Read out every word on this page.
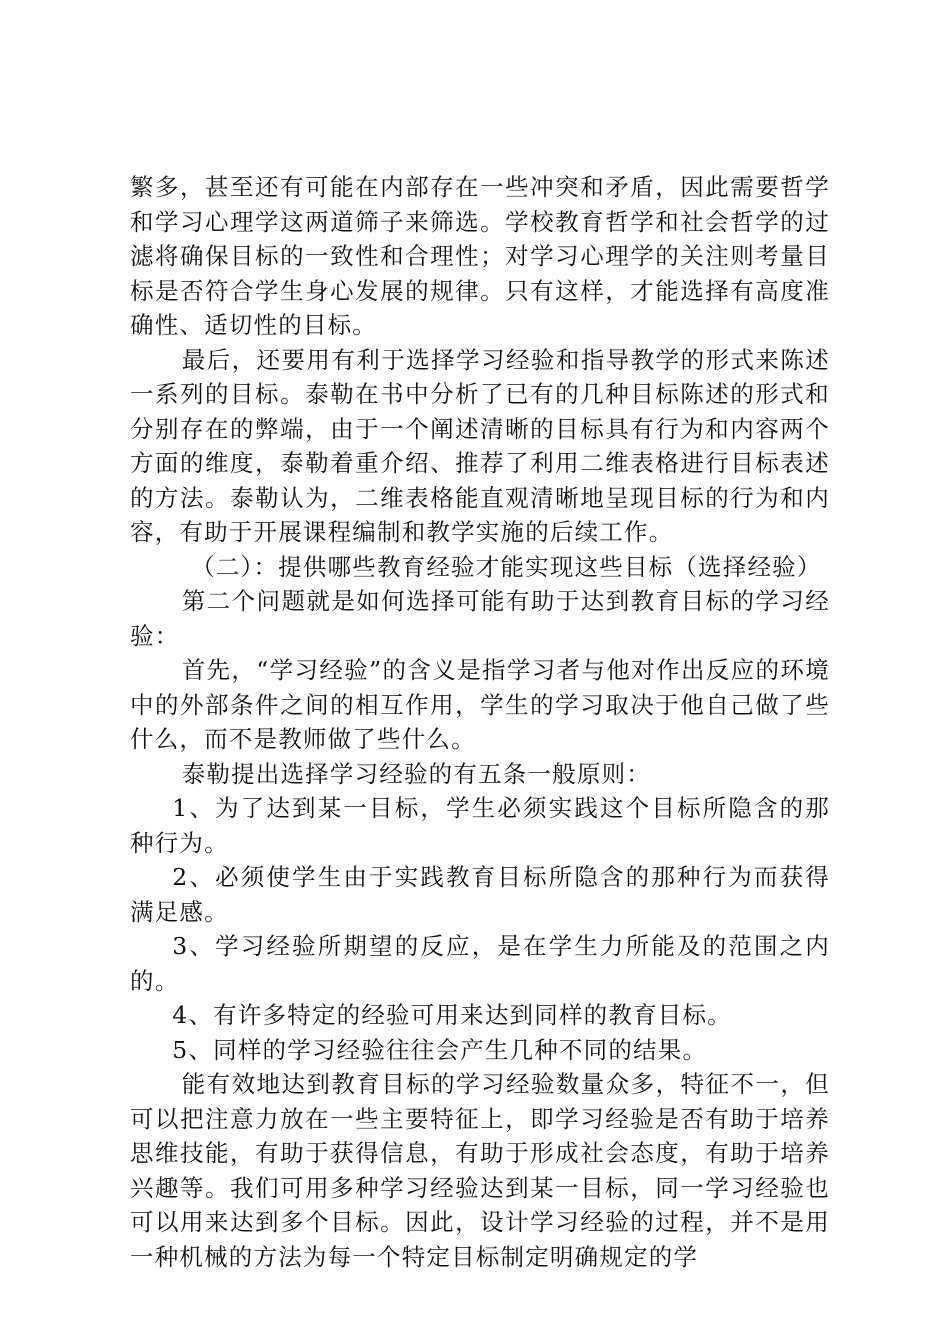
繁多，甚至还有可能在内部存在一些冲突和矛盾，因此需要哲学和学习心理学这两道筛子来筛选。学校教育哲学和社会哲学的过滤将确保目标的一致性和合理性；对学习心理学的关注则考量目标是否符合学生身心发展的规律。只有这样，才能选择有高度准确性、适切性的目标。

最后，还要用有利于选择学习经验和指导教学的形式来陈述一系列的目标。泰勒在书中分析了已有的几种目标陈述的形式和分别存在的弊端，由于一个阐述清晰的目标具有行为和内容两个方面的维度，泰勒着重介绍、推荐了利用二维表格进行目标表述的方法。泰勒认为，二维表格能直观清晰地呈现目标的行为和内容，有助于开展课程编制和教学实施的后续工作。

（二）：提供哪些教育经验才能实现这些目标（选择经验）

第二个问题就是如何选择可能有助于达到教育目标的学习经验：

首先，“学习经验”的含义是指学习者与他对作出反应的环境中的外部条件之间的相互作用，学生的学习取决于他自己做了些什么，而不是教师做了些什么。

泰勒提出选择学习经验的有五条一般原则：

1、为了达到某一目标，学生必须实践这个目标所隐含的那种行为。

2、必须使学生由于实践教育目标所隐含的那种行为而获得满足感。

3、学习经验所期望的反应，是在学生力所能及的范围之内的。

4、有许多特定的经验可用来达到同样的教育目标。

5、同样的学习经验往往会产生几种不同的结果。

能有效地达到教育目标的学习经验数量众多，特征不一，但可以把注意力放在一些主要特征上，即学习经验是否有助于培养思维技能，有助于获得信息，有助于形成社会态度，有助于培养兴趣等。我们可用多种学习经验达到某一目标，同一学习经验也可以用来达到多个目标。因此，设计学习经验的过程，并不是用一种机械的方法为每一个特定目标制定明确规定的学
